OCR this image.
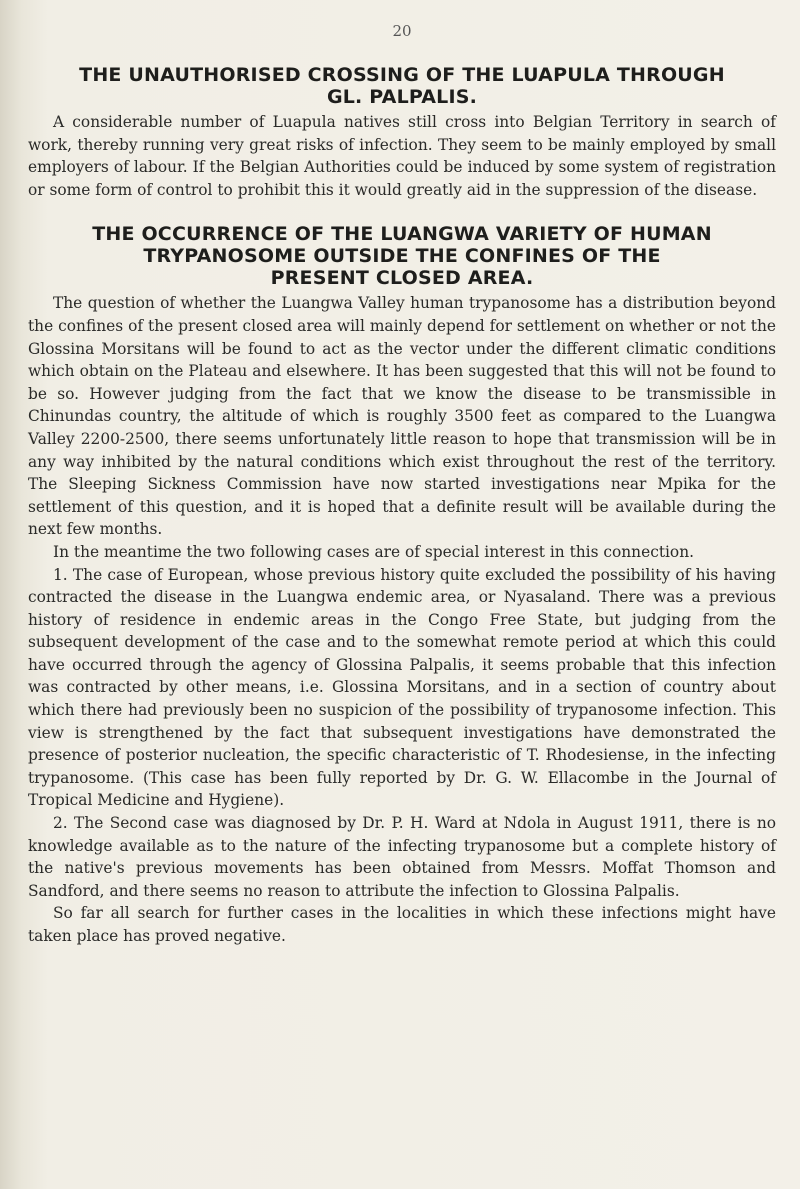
20
THE UNAUTHORISED CROSSING OF THE LUAPULA THROUGH
GL. PALPALIS.

A considerable number of Luapula natives still cross into Belgian Territory in search of work, thereby running very great risks of infection. They seem to be mainly employed by small employers of labour. If the Belgian Authorities could be induced by some system of registration or some form of control to prohibit this it would greatly aid in the suppression of the disease.

THE OCCURRENCE OF THE LUANGWA VARIETY OF HUMAN
TRYPANOSOME OUTSIDE THE CONFINES OF THE
PRESENT CLOSED AREA.

The question of whether the Luangwa Valley human trypanosome has a distribution beyond the confines of the present closed area will mainly depend for settlement on whether or not the Glossina Morsitans will be found to act as the vector under the different climatic conditions which obtain on the Plateau and elsewhere. It has been suggested that this will not be found to be so. However judging from the fact that we know the disease to be transmissible in Chinundas country, the altitude of which is roughly 3500 feet as compared to the Luangwa Valley 2200-2500, there seems unfortunately little reason to hope that transmission will be in any way inhibited by the natural conditions which exist throughout the rest of the territory. The Sleeping Sickness Commission have now started investigations near Mpika for the settlement of this question, and it is hoped that a definite result will be available during the next few months.

In the meantime the two following cases are of special interest in this connection.

1. The case of European, whose previous history quite excluded the possibility of his having contracted the disease in the Luangwa endemic area, or Nyasaland. There was a previous history of residence in endemic areas in the Congo Free State, but judging from the subsequent development of the case and to the somewhat remote period at which this could have occurred through the agency of Glossina Palpalis, it seems probable that this infection was contracted by other means, i.e. Glossina Morsitans, and in a section of country about which there had previously been no suspicion of the possibility of trypanosome infection. This view is strengthened by the fact that subsequent investigations have demonstrated the presence of posterior nucleation, the specific characteristic of T. Rhodesiense, in the infecting trypanosome. (This case has been fully reported by Dr. G. W. Ellacombe in the Journal of Tropical Medicine and Hygiene).

2. The Second case was diagnosed by Dr. P. H. Ward at Ndola in August 1911, there is no knowledge available as to the nature of the infecting trypanosome but a complete history of the native's previous movements has been obtained from Messrs. Moffat Thomson and Sandford, and there seems no reason to attribute the infection to Glossina Palpalis.

So far all search for further cases in the localities in which these infections might have taken place has proved negative.
